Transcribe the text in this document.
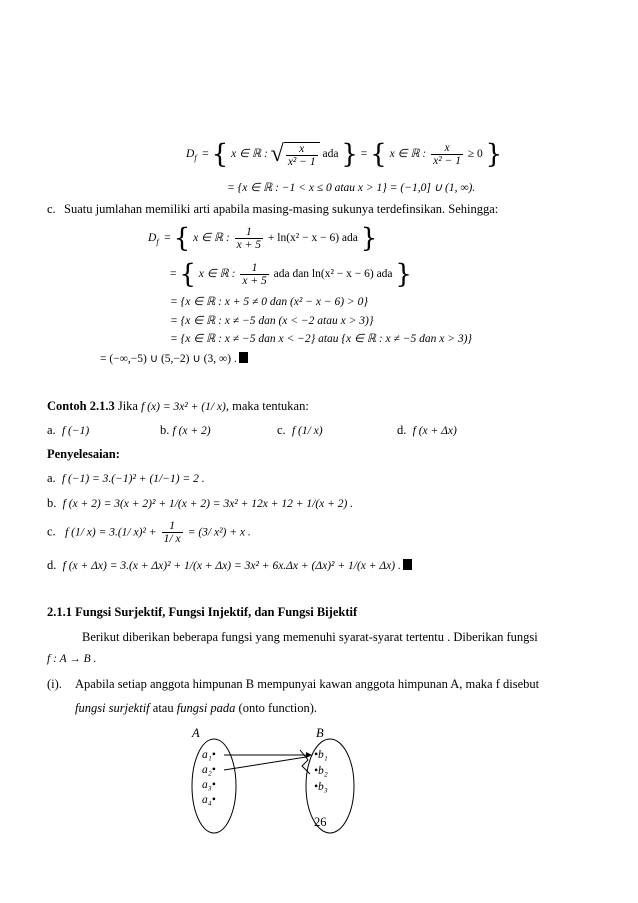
$D_f$  = { x ∈ ℝ : √ $\frac{x}{\text{x² − 1}}$ ada } = { x ∈ ℝ : $\frac{x}{\text{x² − 1}} \ge 0$ }
= {x ∈ ℝ : −1 < x ≤ 0 atau x > 1} = (−1,0] ∪ (1, ∞).
c. Suatu jumlahan memiliki arti apabila masing-masing sukunya terdefinsikan. Sehingga:
$D_f$  = { x ∈ ℝ : $\frac{1}{x + 5} + \ln(x^2 - x - 6)$ ada }
= { x ∈ ℝ : $\frac{1}{x + 5}$ ada dan ln(x² − x − 6) ada }
= {x ∈ ℝ : x + 5 ≠ 0 dan (x² − x − 6) > 0}
= {x ∈ ℝ : x ≠ −5 dan (x < −2 atau x > 3)}
= {x ∈ ℝ : x ≠ −5 dan x < −2} atau {x ∈ ℝ : x ≠ −5 dan x > 3)}
= (−∞,−5) ∪ (5,−2) ∪ (3, ∞) .
Contoh 2.1.3 Jika f (x) = 3x² + (1/ x), maka tentukan:
a. f (−1)	b. f (x + 2)	c. f (1/ x)	d. f (x + Δx)
Penyelesaian:
a. f (−1) = 3.(−1)² + (1/−1) = 2 .
b. f (x + 2) = 3(x + 2)² + 1/(x + 2) = 3x² + 12x + 12 + 1/(x + 2) .
c. f (1/ x) = 3.(1/ $x)^2 + \frac{1}{1/ x} = (3/$ x²) + x .
d. f (x + Δx) = 3.(x + Δx)² + 1/(x + Δx) = 3x² + 6x.Δx + (Δx)² + 1/(x + Δx) .
2.1.1 Fungsi Surjektif, Fungsi Injektif, dan Fungsi Bijektif
Berikut diberikan beberapa fungsi yang memenuhi syarat-syarat tertentu . Diberikan fungsi
f : A → B .
(i). Apabila setiap anggota himpunan B mempunyai kawan anggota himpunan A, maka f disebut
fungsi surjektif atau fungsi pada (onto function).
A	B
a₁•
a₂•
a₃•
a₄•
•b₁
•b₂
•b₃
26
